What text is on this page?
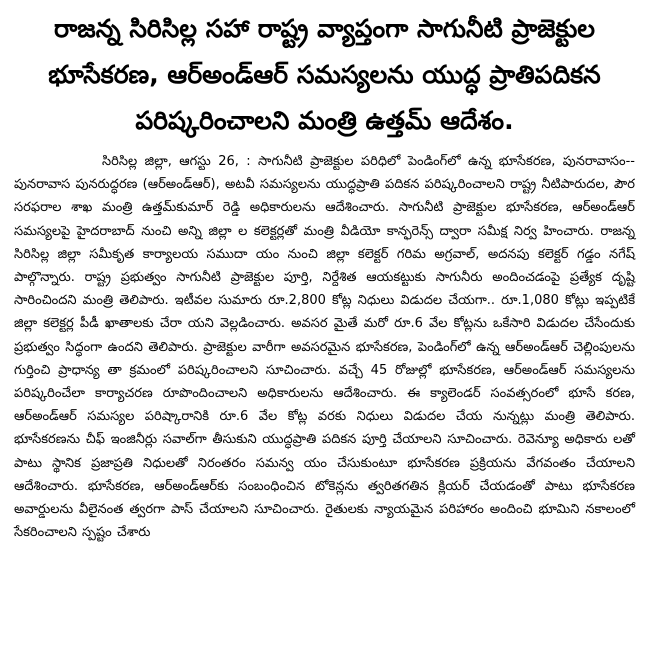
రాజన్న సిరిసిల్ల సహా రాష్ట్ర వ్యాప్తంగా సాగునీటి ప్రాజెక్టుల
భూసేకరణ, ఆర్‌అండ్‌ఆర్ సమస్యలను యుద్ధ ప్రాతిపదికన
పరిష్కరించాలని మంత్రి ఉత్తమ్ ఆదేశం.

సిరిసిల్ల జిల్లా, ఆగస్టు 26, : సాగునీటి ప్రాజెక్టుల పరిధిలో పెండింగ్‌లో ఉన్న భూసేకరణ, పునరావాసం--పునరావాస పునరుద్ధరణ (ఆర్‌అండ్‌ఆర్), అటవీ సమస్యలను యుద్ధప్రాతి పదికన పరిష్కరించాలని రాష్ట్ర నీటిపారుదల, పౌర సరఫరాల శాఖ మంత్రి ఉత్తమ్‌కుమార్ రెడ్డి అధికారులను ఆదేశించారు. సాగునీటి ప్రాజెక్టుల భూసేకరణ, ఆర్‌అండ్‌ఆర్ సమస్యలపై హైదరాబాద్ నుంచి అన్ని జిల్లా ల కలెక్టర్లతో మంత్రి వీడియో కాన్ఫరెన్స్ ద్వారా సమీక్ష నిర్వ హించారు. రాజన్న సిరిసిల్ల జిల్లా సమీకృత కార్యాలయ సముదా యం నుంచి జిల్లా కలెక్టర్ గరిమ అగ్రవాల్, అదనపు కలెక్టర్ గడ్డం నగేష్ పాల్గొన్నారు. రాష్ట్ర ప్రభుత్వం సాగునీటి ప్రాజెక్టుల పూర్తి, నిర్దేశిత ఆయకట్టుకు సాగునీరు అందించడంపై ప్రత్యేక దృష్టి సారించిందని మంత్రి తెలిపారు. ఇటీవల సుమారు రూ.2,800 కోట్ల నిధులు విడుదల చేయగా.. రూ.1,080 కోట్లు ఇప్పటికే జిల్లా కలెక్టర్ల పీడీ ఖాతాలకు చేరా యని వెల్లడించారు. అవసర మైతే మరో రూ.6 వేల కోట్లను ఒకేసారి విడుదల చేసేందుకు ప్రభుత్వం సిద్ధంగా ఉందని తెలిపారు. ప్రాజెక్టుల వారీగా అవసరమైన భూసేకరణ, పెండింగ్‌లో ఉన్న ఆర్‌అండ్‌ఆర్ చెల్లింపులను గుర్తించి ప్రాధాన్య తా క్రమంలో పరిష్కరించాలని సూచించారు. వచ్చే 45 రోజుల్లో భూసేకరణ, ఆర్‌అండ్‌ఆర్ సమస్యలను పరిష్కరించేలా కార్యాచరణ రూపొందించాలని అధికారులను ఆదేశించారు. ఈ క్యాలెండర్ సంవత్సరంలో భూసే కరణ, ఆర్‌అండ్‌ఆర్ సమస్యల పరిష్కారానికి రూ.6 వేల కోట్ల వరకు నిధులు విడుదల చేయ నున్నట్లు మంత్రి తెలిపారు. భూసేకరణను చీఫ్ ఇంజినీర్లు సవాల్‌గా తీసుకుని యుద్ధప్రాతి పదికన పూర్తి చేయాలని సూచించారు. రెవెన్యూ అధికారు లతో పాటు స్థానిక ప్రజాప్రతి నిధులతో నిరంతరం సమన్వ యం చేసుకుంటూ భూసేకరణ ప్రక్రియను వేగవంతం చేయాలని ఆదేశించారు. భూసేకరణ, ఆర్‌అండ్‌ఆర్‌కు సంబంధించిన టోకెన్లను త్వరితగతిన క్లియర్ చేయడంతో పాటు భూసేకరణ అవార్డులను వీలైనంత త్వరగా పాస్ చేయాలని సూచించారు. రైతులకు న్యాయమైన పరిహారం అందించి భూమిని నకాలంలో సేకరించాలని స్పష్టం చేశారు
